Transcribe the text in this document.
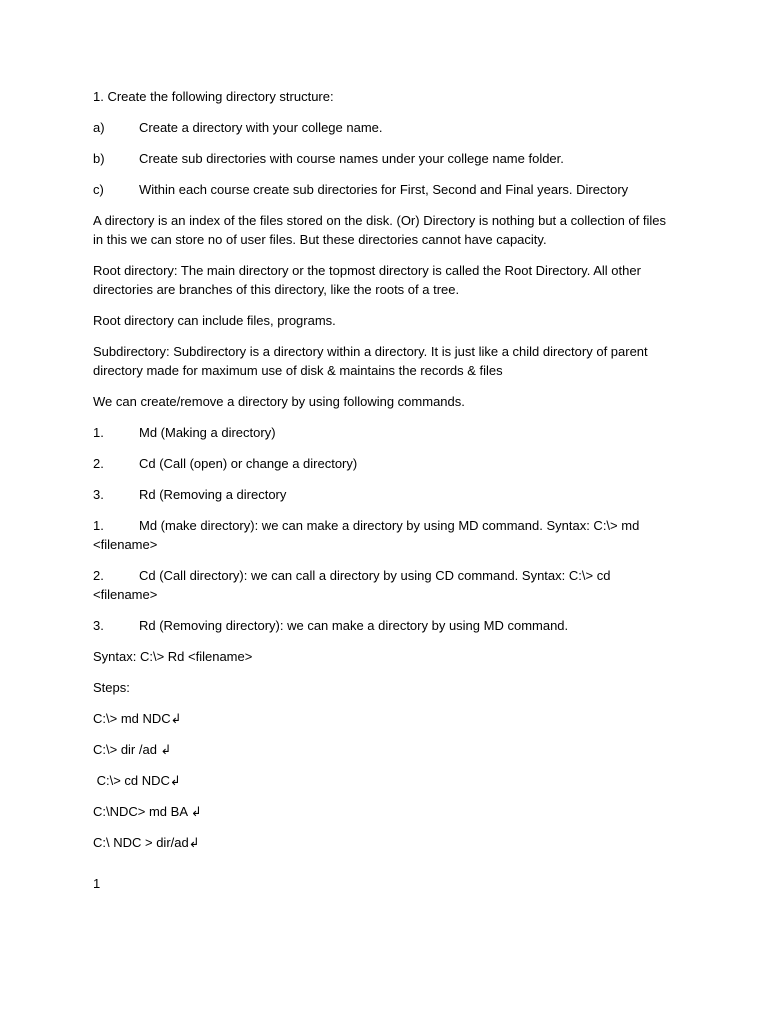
1. Create the following directory structure:

a)	Create a directory with your college name.
b)	Create sub directories with course names under your college name folder.
c)	Within each course create sub directories for First, Second and Final years. Directory

A directory is an index of the files stored on the disk. (Or) Directory is nothing but a collection of files in this we can store no of user files. But these directories cannot have capacity.

Root directory: The main directory or the topmost directory is called the Root Directory. All other directories are branches of this directory, like the roots of a tree.

Root directory can include files, programs.

Subdirectory: Subdirectory is a directory within a directory. It is just like a child directory of parent directory made for maximum use of disk & maintains the records & files

We can create/remove a directory by using following commands.

1.	Md (Making a directory)
2.	Cd (Call (open) or change a directory)
3.	Rd (Removing a directory
1.	Md (make directory): we can make a directory by using MD command. Syntax: C:\> md <filename>
2.	Cd (Call directory): we can call a directory by using CD command. Syntax: C:\> cd <filename>
3.	Rd (Removing directory): we can make a directory by using MD command.

Syntax: C:\> Rd <filename>

Steps:

C:\> md NDC↲

C:\> dir /ad ↲

C:\> cd NDC↲

C:\NDC> md BA ↲

C:\ NDC > dir/ad↲

1
